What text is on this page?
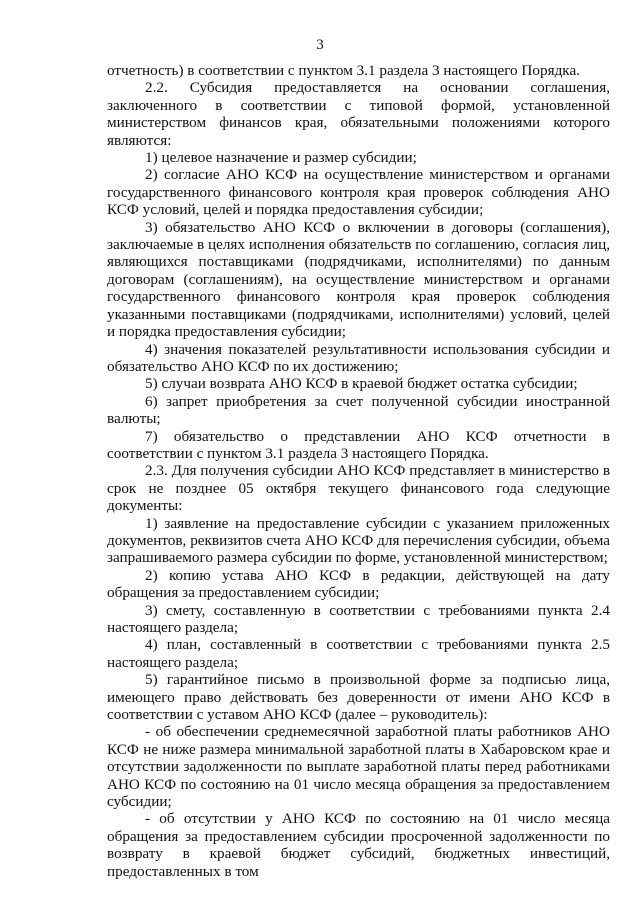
3

отчетность) в соответствии с пунктом 3.1 раздела 3 настоящего Порядка.

2.2. Субсидия предоставляется на основании соглашения, заключенного в соответствии с типовой формой, установленной министерством финансов края, обязательными положениями которого являются:

1) целевое назначение и размер субсидии;

2) согласие АНО КСФ на осуществление министерством и органами государственного финансового контроля края проверок соблюдения АНО КСФ условий, целей и порядка предоставления субсидии;

3) обязательство АНО КСФ о включении в договоры (соглашения), заключаемые в целях исполнения обязательств по соглашению, согласия лиц, являющихся поставщиками (подрядчиками, исполнителями) по данным договорам (соглашениям), на осуществление министерством и органами государственного финансового контроля края проверок соблюдения указанными поставщиками (подрядчиками, исполнителями) условий, целей и порядка предоставления субсидии;

4) значения показателей результативности использования субсидии и обязательство АНО КСФ по их достижению;

5) случаи возврата АНО КСФ в краевой бюджет остатка субсидии;

6) запрет приобретения за счет полученной субсидии иностранной валюты;

7) обязательство о представлении АНО КСФ отчетности в соответствии с пунктом 3.1 раздела 3 настоящего Порядка.

2.3. Для получения субсидии АНО КСФ представляет в министерство в срок не позднее 05 октября текущего финансового года следующие документы:

1) заявление на предоставление субсидии с указанием приложенных документов, реквизитов счета АНО КСФ для перечисления субсидии, объема запрашиваемого размера субсидии по форме, установленной министерством;

2) копию устава АНО КСФ в редакции, действующей на дату обращения за предоставлением субсидии;

3) смету, составленную в соответствии с требованиями пункта 2.4 настоящего раздела;

4) план, составленный в соответствии с требованиями пункта 2.5 настоящего раздела;

5) гарантийное письмо в произвольной форме за подписью лица, имеющего право действовать без доверенности от имени АНО КСФ в соответствии с уставом АНО КСФ (далее – руководитель):

- об обеспечении среднемесячной заработной платы работников АНО КСФ не ниже размера минимальной заработной платы в Хабаровском крае и отсутствии задолженности по выплате заработной платы перед работниками АНО КСФ по состоянию на 01 число месяца обращения за предоставлением субсидии;

- об отсутствии у АНО КСФ по состоянию на 01 число месяца обращения за предоставлением субсидии просроченной задолженности по возврату в краевой бюджет субсидий, бюджетных инвестиций, предоставленных в том
